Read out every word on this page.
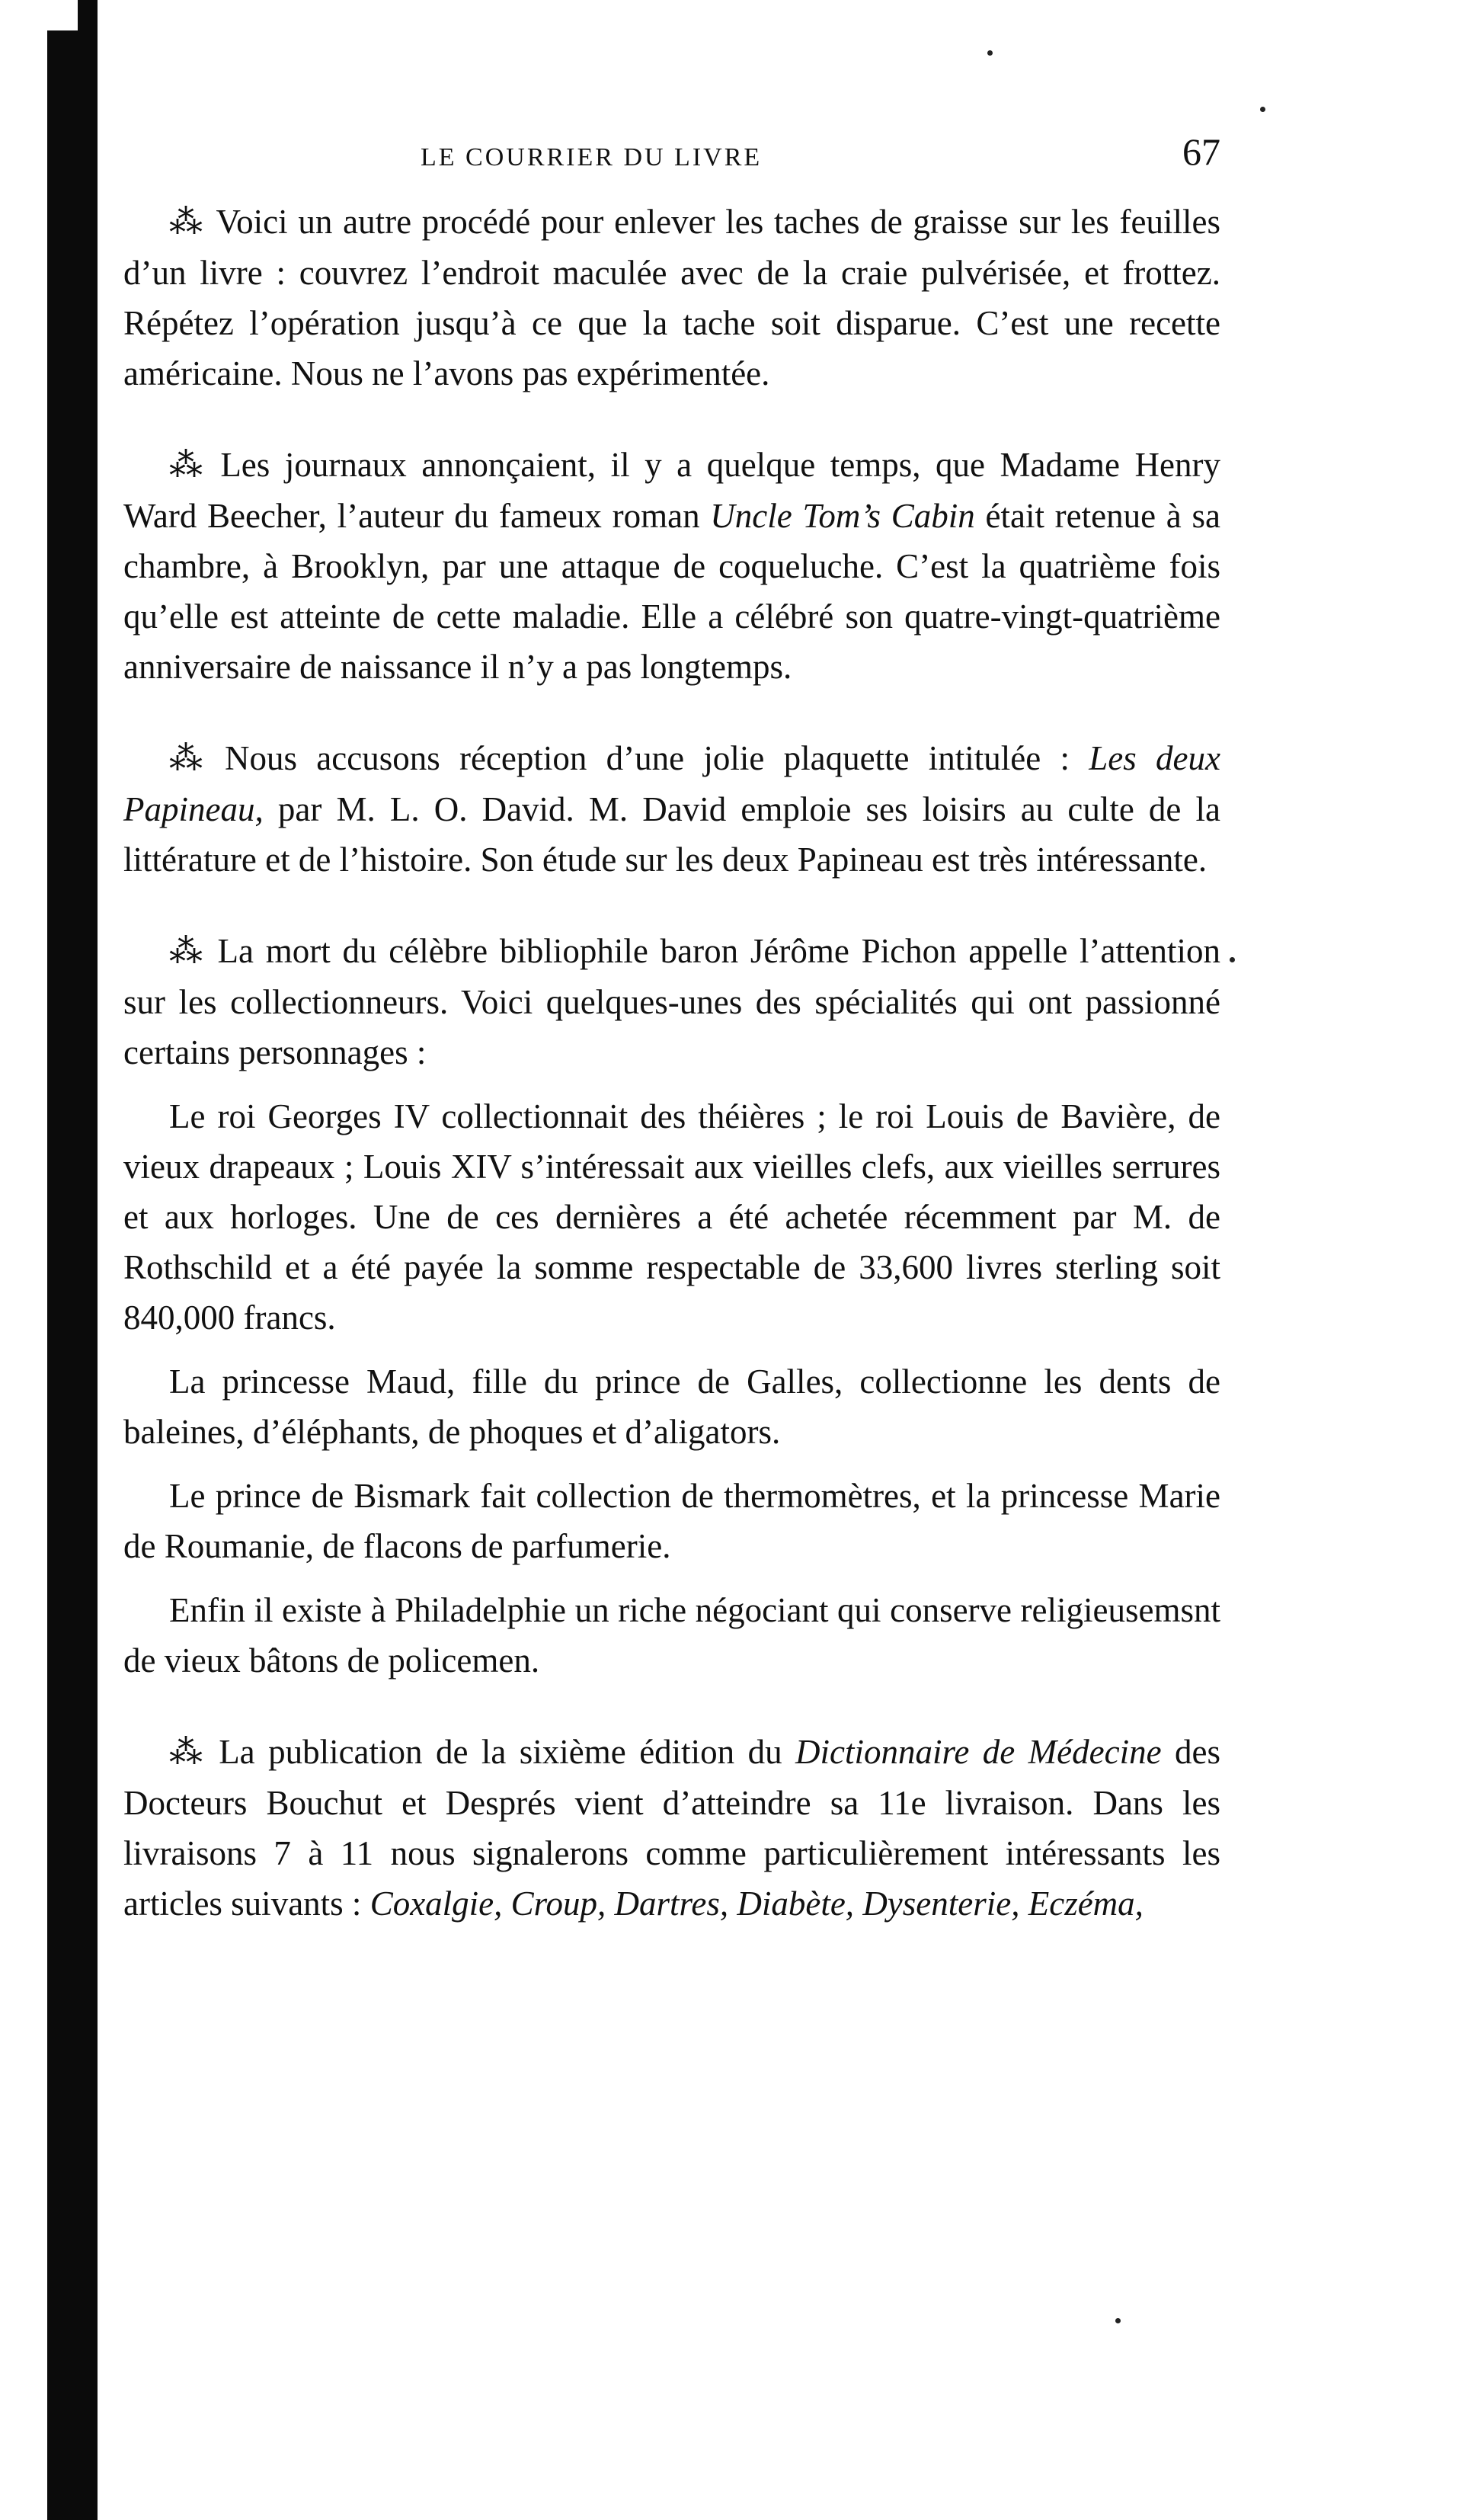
LE COURRIER DU LIVRE	67

⁂ Voici un autre procédé pour enlever les taches de graisse sur les feuilles d’un livre : couvrez l’endroit maculée avec de la craie pulvérisée, et frottez. Répétez l’opération jusqu’à ce que la tache soit disparue. C’est une recette américaine. Nous ne l’avons pas expérimentée.

⁂ Les journaux annonçaient, il y a quelque temps, que Madame Henry Ward Beecher, l’auteur du fameux roman Uncle Tom’s Cabin était retenue à sa chambre, à Brooklyn, par une attaque de coqueluche. C’est la quatrième fois qu’elle est atteinte de cette maladie. Elle a célébré son quatre-vingt-quatrième anniversaire de naissance il n’y a pas longtemps.

⁂ Nous accusons réception d’une jolie plaquette intitulée : Les deux Papineau, par M. L. O. David. M. David emploie ses loisirs au culte de la littérature et de l’histoire. Son étude sur les deux Papineau est très intéressante.

⁂ La mort du célèbre bibliophile baron Jérôme Pichon appelle l’attention sur les collectionneurs. Voici quelques-unes des spécialités qui ont passionné certains personnages :

Le roi Georges IV collectionnait des théières ; le roi Louis de Bavière, de vieux drapeaux ; Louis XIV s’intéressait aux vieilles clefs, aux vieilles serrures et aux horloges. Une de ces dernières a été achetée récemment par M. de Rothschild et a été payée la somme respectable de 33,600 livres sterling soit 840,000 francs.

La princesse Maud, fille du prince de Galles, collectionne les dents de baleines, d’éléphants, de phoques et d’aligators.

Le prince de Bismark fait collection de thermomètres, et la princesse Marie de Roumanie, de flacons de parfumerie.

Enfin il existe à Philadelphie un riche négociant qui conserve religieusemsnt de vieux bâtons de policemen.

⁂ La publication de la sixième édition du Dictionnaire de Médecine des Docteurs Bouchut et Després vient d’atteindre sa 11e livraison. Dans les livraisons 7 à 11 nous signalerons comme particulièrement intéressants les articles suivants : Coxalgie, Croup, Dartres, Diabète, Dysenterie, Eczéma,
